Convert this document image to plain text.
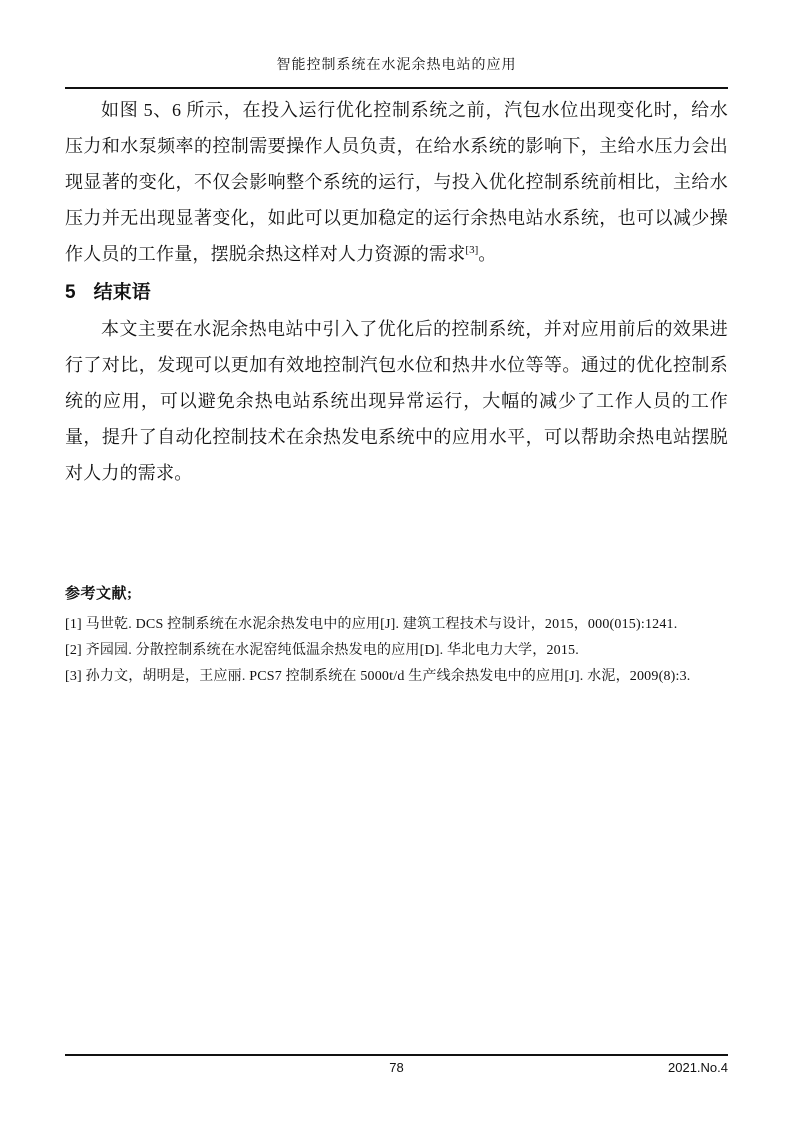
智能控制系统在水泥余热电站的应用

如图 5、6 所示，在投入运行优化控制系统之前，汽包水位出现变化时，给水压力和水泵频率的控制需要操作人员负责，在给水系统的影响下，主给水压力会出现显著的变化，不仅会影响整个系统的运行，与投入优化控制系统前相比，主给水压力并无出现显著变化，如此可以更加稳定的运行余热电站水系统，也可以减少操作人员的工作量，摆脱余热这样对人力资源的需求[3]。

5 结束语

本文主要在水泥余热电站中引入了优化后的控制系统，并对应用前后的效果进行了对比，发现可以更加有效地控制汽包水位和热井水位等等。通过的优化控制系统的应用，可以避免余热电站系统出现异常运行，大幅的减少了工作人员的工作量，提升了自动化控制技术在余热发电系统中的应用水平，可以帮助余热电站摆脱对人力的需求。

参考文献;
[1] 马世乾. DCS 控制系统在水泥余热发电中的应用[J]. 建筑工程技术与设计，2015，000(015):1241.
[2] 齐园园. 分散控制系统在水泥窑纯低温余热发电的应用[D]. 华北电力大学，2015.
[3] 孙力文，胡明是，王应丽. PCS7 控制系统在 5000t/d 生产线余热发电中的应用[J]. 水泥，2009(8):3.
78	2021.No.4
